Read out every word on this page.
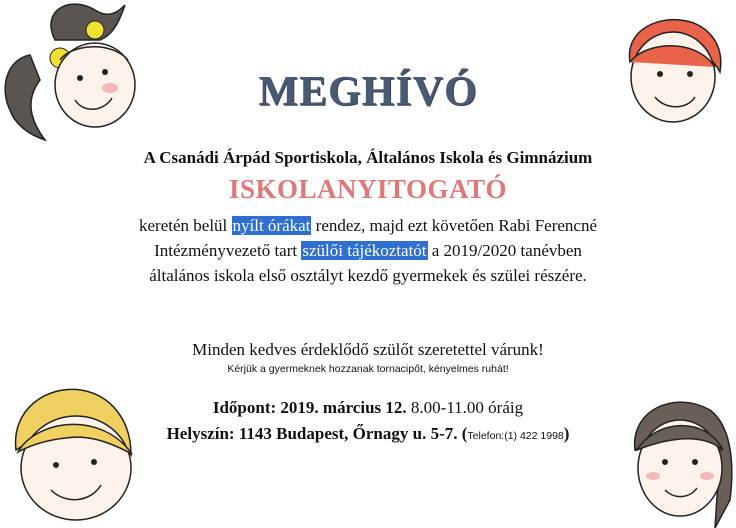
MEGHÍVÓ
A Csanádi Árpád Sportiskola, Általános Iskola és Gimnázium
ISKOLANYITOGATÓ
keretén belül nyílt órákat rendez, majd ezt követően Rabi Ferencné
Intézményvezető tart szülői tájékoztatót a 2019/2020 tanévben
általános iskola első osztályt kezdő gyermekek és szülei részére.
Minden kedves érdeklődő szülőt szeretettel várunk!
Kérjük a gyermeknek hozzanak tornacipőt, kényelmes ruhát!
Időpont: 2019. március 12. 8.00-11.00 óráig
Helyszín: 1143 Budapest, Őrnagy u. 5-7. (Telefon:(1) 422 1998)
